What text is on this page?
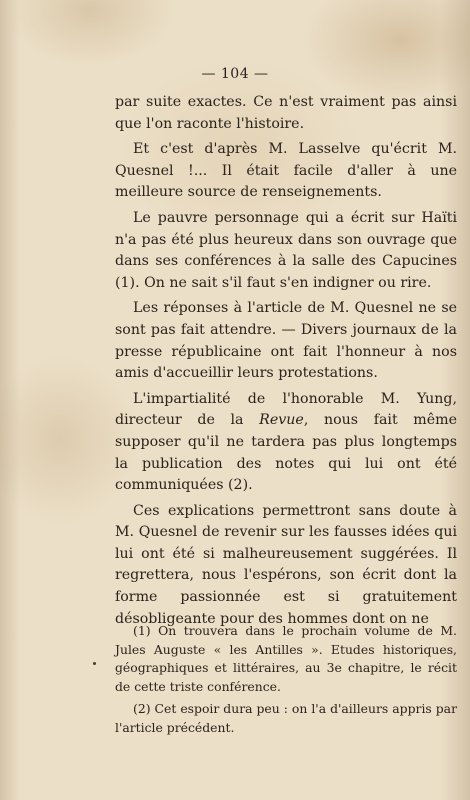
— 104 —

par suite exactes. Ce n'est vraiment pas ainsi que l'on raconte l'histoire.

Et c'est d'après M. Lasselve qu'écrit M. Quesnel !... Il était facile d'aller à une meilleure source de renseignements.

Le pauvre personnage qui a écrit sur Haïti n'a pas été plus heureux dans son ouvrage que dans ses conférences à la salle des Capucines (1). On ne sait s'il faut s'en indigner ou rire.

Les réponses à l'article de M. Quesnel ne se sont pas fait attendre. — Divers journaux de la presse républicaine ont fait l'honneur à nos amis d'accueillir leurs protestations.

L'impartialité de l'honorable M. Yung, directeur de la Revue, nous fait même supposer qu'il ne tardera pas plus longtemps la publication des notes qui lui ont été communiquées (2).

Ces explications permettront sans doute à M. Quesnel de revenir sur les fausses idées qui lui ont été si malheureusement suggérées. Il regrettera, nous l'espérons, son écrit dont la forme passionnée est si gratuitement désobligeante pour des hommes dont on ne

(1) On trouvera dans le prochain volume de M. Jules Auguste « les Antilles ». Etudes historiques, géographiques et littéraires, au 3e chapitre, le récit de cette triste conférence.

(2) Cet espoir dura peu : on l'a d'ailleurs appris par l'article précédent.
